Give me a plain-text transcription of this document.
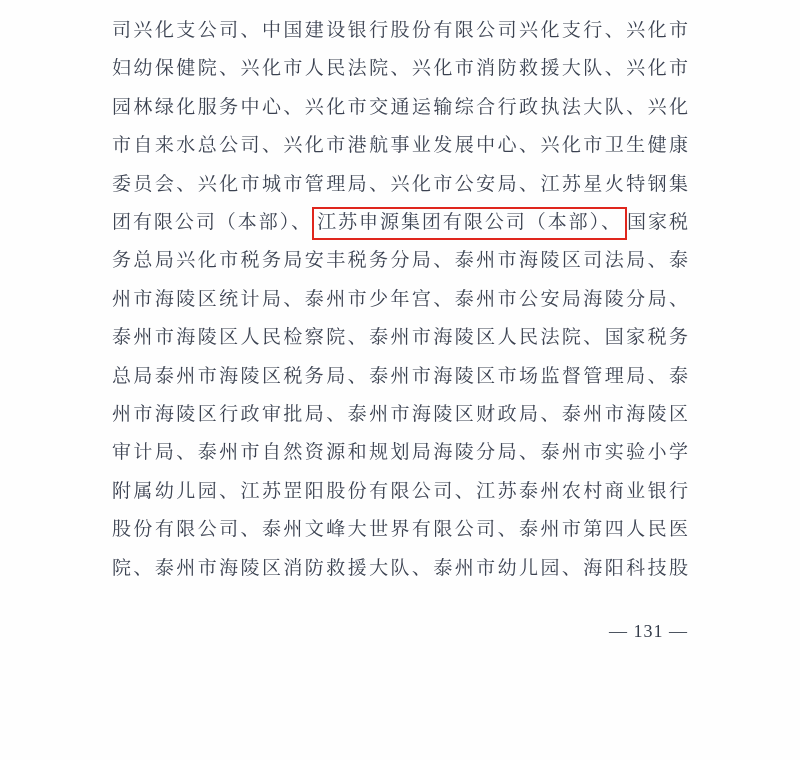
司兴化支公司、中国建设银行股份有限公司兴化支行、兴化市
妇幼保健院、兴化市人民法院、兴化市消防救援大队、兴化市
园林绿化服务中心、兴化市交通运输综合行政执法大队、兴化
市自来水总公司、兴化市港航事业发展中心、兴化市卫生健康
委员会、兴化市城市管理局、兴化市公安局、江苏星火特钢集
团有限公司（本部）、 江苏申源集团有限公司（本部）、 国家税
务总局兴化市税务局安丰税务分局、泰州市海陵区司法局、泰
州市海陵区统计局、泰州市少年宫、泰州市公安局海陵分局、
泰州市海陵区人民检察院、泰州市海陵区人民法院、国家税务
总局泰州市海陵区税务局、泰州市海陵区市场监督管理局、泰
州市海陵区行政审批局、泰州市海陵区财政局、泰州市海陵区
审计局、泰州市自然资源和规划局海陵分局、泰州市实验小学
附属幼儿园、江苏罡阳股份有限公司、江苏泰州农村商业银行
股份有限公司、泰州文峰大世界有限公司、泰州市第四人民医
院、泰州市海陵区消防救援大队、泰州市幼儿园、海阳科技股
— 131 —
